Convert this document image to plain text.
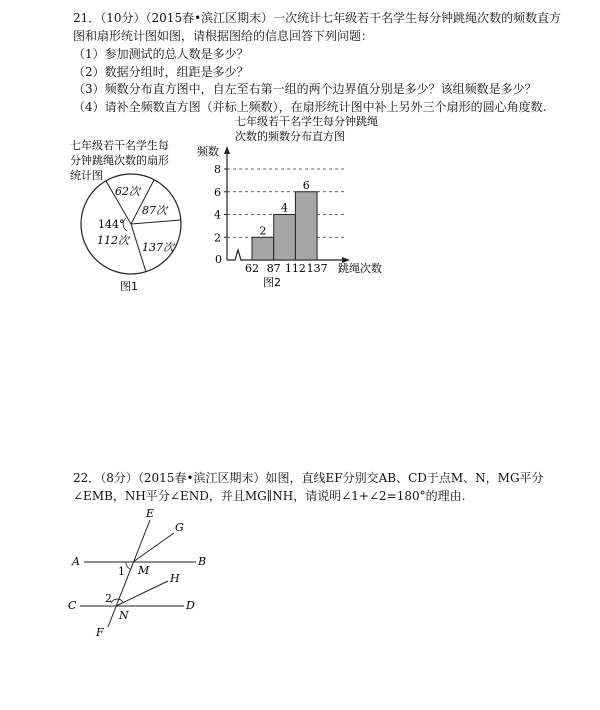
21．（10分）（2015春•滨江区期末）一次统计七年级若干名学生每分钟跳绳次数的频数直方
图和扇形统计图如图，请根据图给的信息回答下列问题：
（1）参加测试的总人数是多少？
（2）数据分组时，组距是多少？
（3）频数分布直方图中，自左至右第一组的两个边界值分别是多少？该组频数是多少？
（4）请补全频数直方图（并标上频数），在扇形统计图中补上另外三个扇形的圆心角度数.
七年级若干名学生每
分钟跳绳次数的扇形
统计图
62次
87次
144°
112次
137次
图1
七年级若干名学生每分钟跳绳
次数的频数分布直方图
频数
0
2
4
6
8
2
4
6
62 87 112 137 跳绳次数
图2
22．（8分）（2015春•滨江区期末）如图，直线EF分别交AB、CD于点M、N，MG平分
∠EMB，NH平分∠END，并且MG∥NH，请说明∠1+∠2=180°的理由.
E
G
A	B
M
H
C	D
N
F
1
2
